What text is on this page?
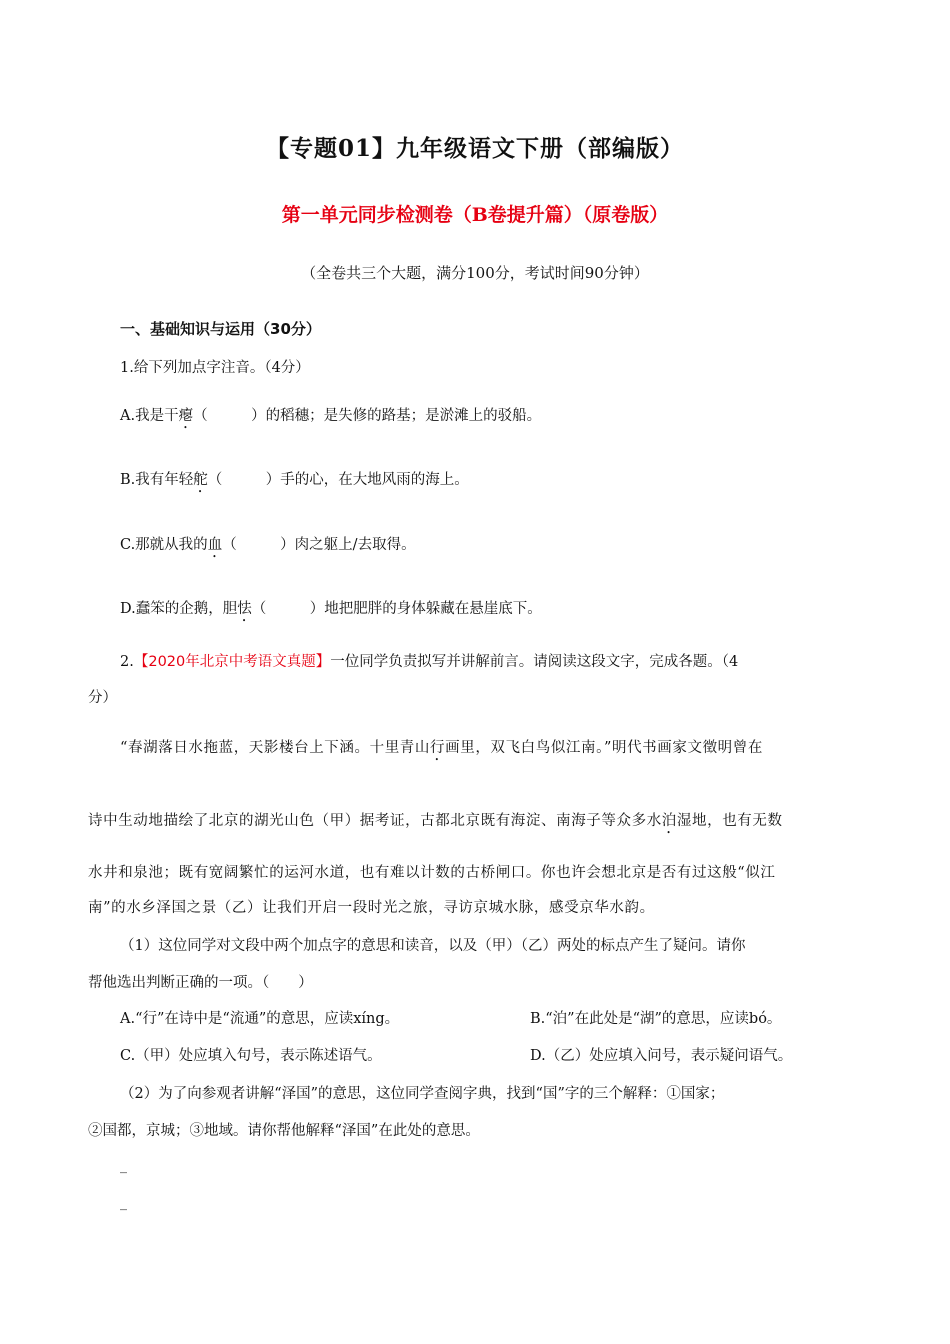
【专题01】九年级语文下册（部编版）
第一单元同步检测卷（B卷提升篇）（原卷版）
（全卷共三个大题，满分100分，考试时间90分钟）
一、基础知识与运用（30分）
1.给下列加点字注音。（4分）
A.我是干瘪（　　　）的稻穗；是失修的路基；是淤滩上的驳船。
B.我有年轻舵（　　　）手的心，在大地风雨的海上。
C.那就从我的血（　　　）肉之躯上/去取得。
D.蠢笨的企鹅，胆怯（　　　）地把肥胖的身体躲藏在悬崖底下。
2.【2020年北京中考语文真题】一位同学负责拟写并讲解前言。请阅读这段文字，完成各题。（4
分）
“春湖落日水拖蓝，天影楼台上下涵。十里青山行画里，双飞白鸟似江南。”明代书画家文徵明曾在
诗中生动地描绘了北京的湖光山色（甲）据考证，古都北京既有海淀、南海子等众多水泊湿地，也有无数
水井和泉池；既有宽阔繁忙的运河水道，也有难以计数的古桥闸口。你也许会想北京是否有过这般“似江
南”的水乡泽国之景（乙）让我们开启一段时光之旅，寻访京城水脉，感受京华水韵。
（1）这位同学对文段中两个加点字的意思和读音，以及（甲）（乙）两处的标点产生了疑问。请你
帮他选出判断正确的一项。（　　）
A.“行”在诗中是“流通”的意思，应读xíng。	B.“泊”在此处是“湖”的意思，应读bó。
C.（甲）处应填入句号，表示陈述语气。	D.（乙）处应填入问号，表示疑问语气。
（2）为了向参观者讲解“泽国”的意思，这位同学查阅字典，找到“国”字的三个解释：①国家；
②国都，京城；③地域。请你帮他解释“泽国”在此处的意思。
_
_
